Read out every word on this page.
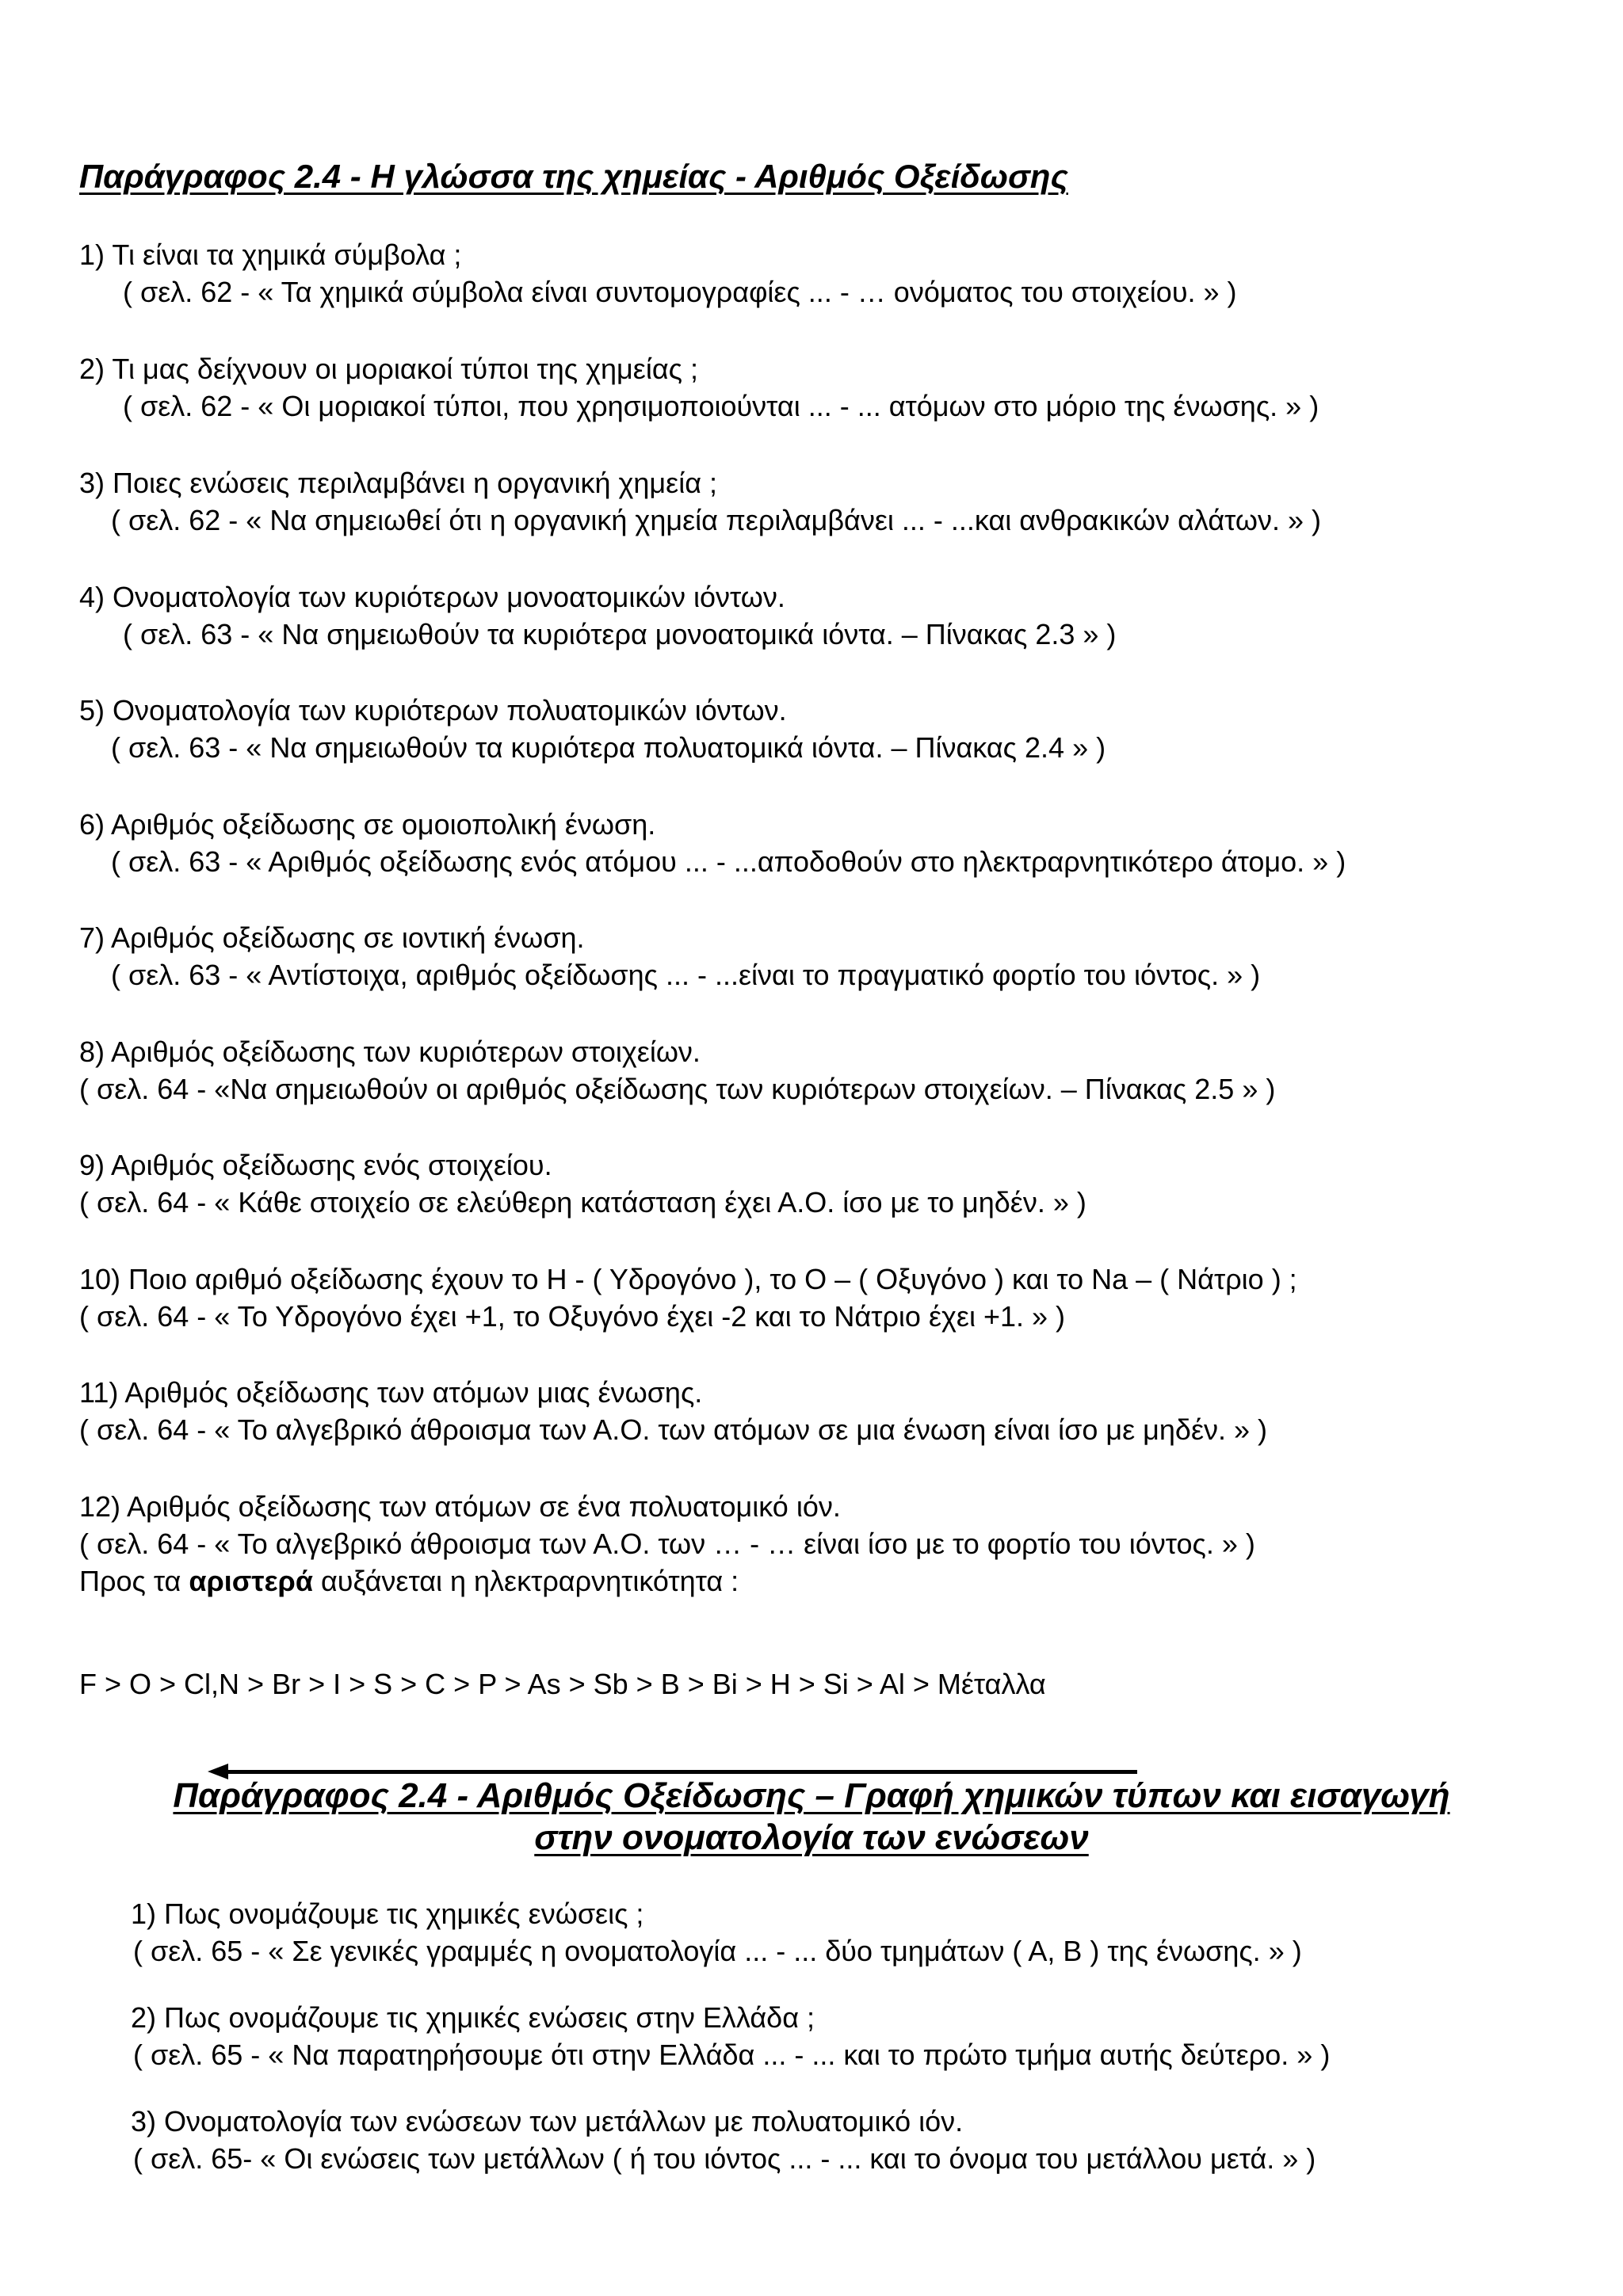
Παράγραφος 2.4 - Η γλώσσα της χημείας - Αριθμός Οξείδωσης
1) Τι είναι τα χημικά σύμβολα ;
( σελ. 62 - « Τα χημικά σύμβολα είναι συντομογραφίες ... - … ονόματος του στοιχείου. » )
2) Τι μας δείχνουν οι μοριακοί τύποι της χημείας ;
( σελ. 62 - « Οι μοριακοί τύποι, που χρησιμοποιούνται ... - ... ατόμων στο μόριο της ένωσης. » )
3) Ποιες ενώσεις περιλαμβάνει η οργανική χημεία ;
( σελ. 62 - « Να σημειωθεί ότι η οργανική χημεία περιλαμβάνει ... - ...και ανθρακικών αλάτων. » )
4) Ονοματολογία των κυριότερων μονοατομικών ιόντων.
( σελ. 63 - « Να σημειωθούν τα κυριότερα μονοατομικά ιόντα. – Πίνακας 2.3 » )
5) Ονοματολογία των κυριότερων πολυατομικών ιόντων.
( σελ. 63 - « Να σημειωθούν τα κυριότερα πολυατομικά ιόντα. – Πίνακας 2.4 » )
6) Αριθμός οξείδωσης σε ομοιοπολική ένωση.
( σελ. 63 - « Αριθμός οξείδωσης ενός ατόμου ... - ...αποδοθούν στο ηλεκτραρνητικότερο άτομο. » )
7) Αριθμός οξείδωσης σε ιοντική ένωση.
( σελ. 63 - « Αντίστοιχα, αριθμός οξείδωσης ... - ...είναι το πραγματικό φορτίο του ιόντος. » )
8) Αριθμός οξείδωσης των κυριότερων στοιχείων.
( σελ. 64 - «Να σημειωθούν οι αριθμός οξείδωσης των κυριότερων στοιχείων. – Πίνακας 2.5 » )
9) Αριθμός οξείδωσης ενός στοιχείου.
( σελ. 64 - « Κάθε στοιχείο σε ελεύθερη κατάσταση έχει Α.Ο. ίσο με το μηδέν. » )
10) Ποιο αριθμό οξείδωσης έχουν το Η - ( Υδρογόνο ), το Ο – ( Οξυγόνο ) και το Na – ( Νάτριο ) ;
( σελ. 64 - « Το Υδρογόνο έχει +1, το Οξυγόνο έχει -2 και το Νάτριο έχει +1. » )
11) Αριθμός οξείδωσης των ατόμων μιας ένωσης.
( σελ. 64 - « Το αλγεβρικό άθροισμα των Α.Ο. των ατόμων σε μια ένωση είναι ίσο με μηδέν. » )
12) Αριθμός οξείδωσης των ατόμων σε ένα πολυατομικό ιόν.
( σελ. 64 - « Το αλγεβρικό άθροισμα των Α.Ο. των … - … είναι ίσο με το φορτίο του ιόντος. » )
Προς τα αριστερά αυξάνεται η ηλεκτραρνητικότητα :
F > O > Cl,N > Br > I > S > C > P > As > Sb > B > Bi > H > Si > Al > Μέταλλα
Παράγραφος 2.4 - Αριθμός Οξείδωσης – Γραφή χημικών τύπων και εισαγωγή
στην ονοματολογία των ενώσεων
1) Πως ονομάζουμε τις χημικές ενώσεις ;
( σελ. 65 - « Σε γενικές γραμμές η ονοματολογία ... - ... δύο τμημάτων ( Α, Β ) της ένωσης. » )
2) Πως ονομάζουμε τις χημικές ενώσεις στην Ελλάδα ;
( σελ. 65 - « Να παρατηρήσουμε ότι στην Ελλάδα ... - ... και το πρώτο τμήμα αυτής δεύτερο. » )
3) Ονοματολογία των ενώσεων των μετάλλων με πολυατομικό ιόν.
( σελ. 65- « Οι ενώσεις των μετάλλων ( ή του ιόντος ... - ... και το όνομα του μετάλλου μετά. » )
